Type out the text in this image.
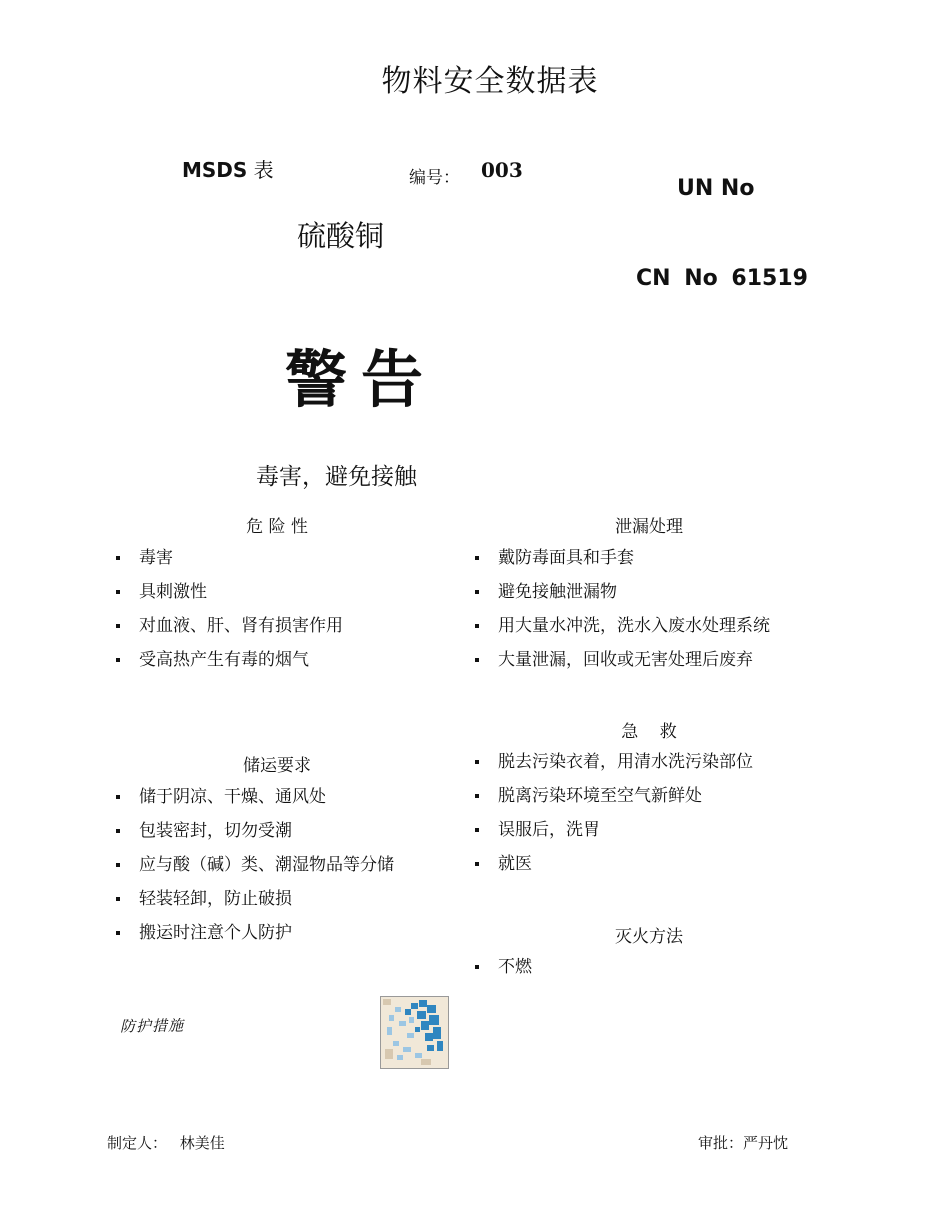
物料安全数据表
MSDS 表	编号： 003
UN No
硫酸铜
CN No 61519
警告
毒害，避免接触
危 险 性
毒害
具刺激性
对血液、肝、肾有损害作用
受高热产生有毒的烟气
泄漏处理
戴防毒面具和手套
避免接触泄漏物
用大量水冲洗，洗水入废水处理系统
大量泄漏，回收或无害处理后废弃
急    救
脱去污染衣着，用清水洗污染部位
脱离污染环境至空气新鲜处
误服后，洗胃
就医
储运要求
储于阴凉、干燥、通风处
包装密封，切勿受潮
应与酸（碱）类、潮湿物品等分储
轻装轻卸，防止破损
搬运时注意个人防护	灭火方法
不燃
防护措施
制定人： 林美佳	审批：严丹忱
